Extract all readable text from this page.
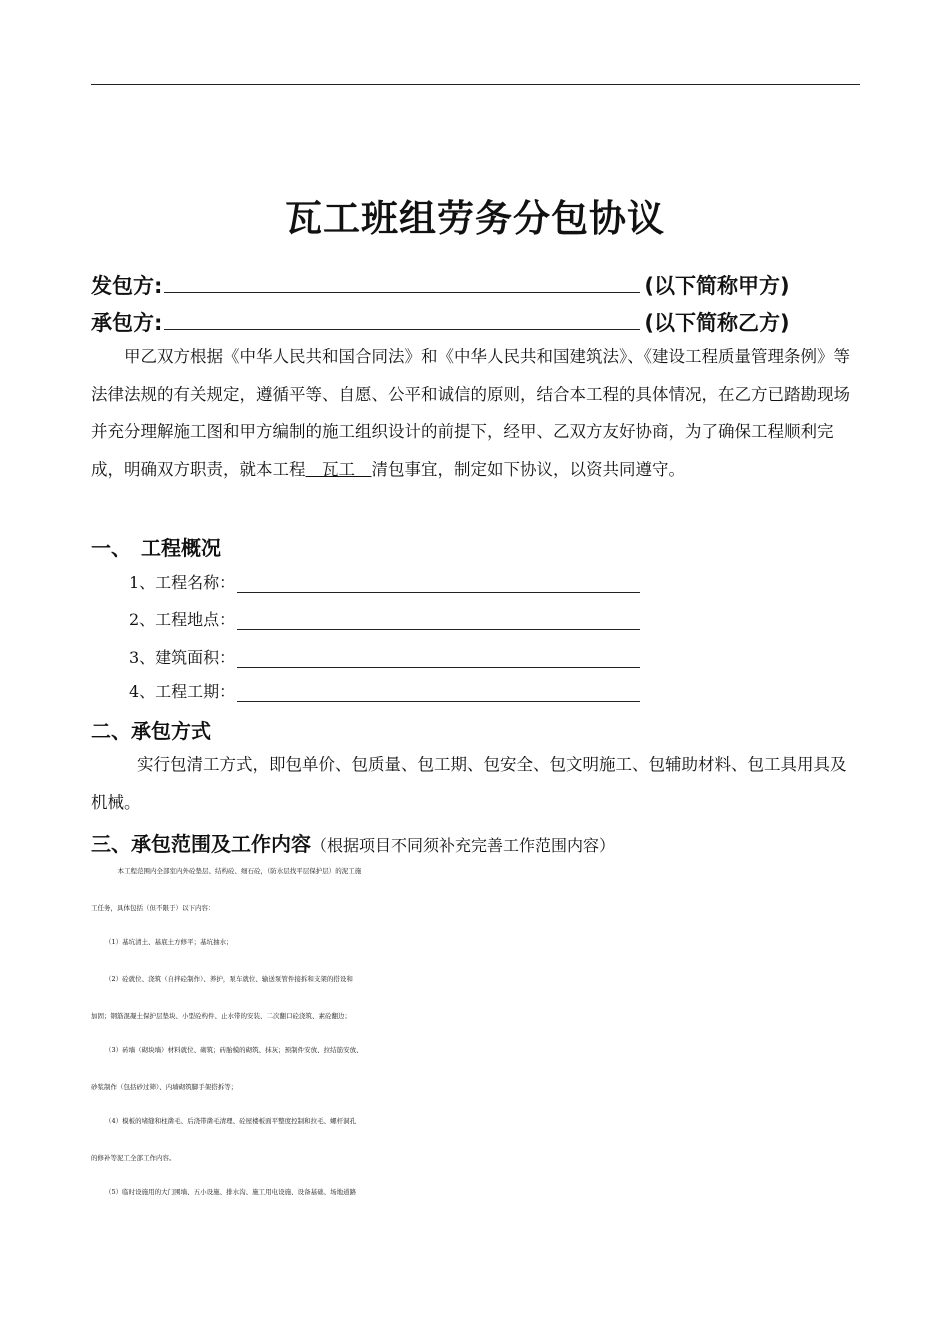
瓦工班组劳务分包协议
发包方:	(以下简称甲方)
承包方:	(以下简称乙方)
甲乙双方根据《中华人民共和国合同法》和《中华人民共和国建筑法》、《建设工程质量管理条例》等法律法规的有关规定，遵循平等、自愿、公平和诚信的原则，结合本工程的具体情况，在乙方已踏勘现场并充分理解施工图和甲方编制的施工组织设计的前提下，经甲、乙双方友好协商，为了确保工程顺利完成，明确双方职责，就本工程　瓦工　清包事宜，制定如下协议，以资共同遵守。
一、　工程概况
1、工程名称：
2、工程地点：
3、建筑面积：
4、工程工期：
二、承包方式
实行包清工方式，即包单价、包质量、包工期、包安全、包文明施工、包辅助材料、包工具用具及机械。
三、承包范围及工作内容（根据项目不同须补充完善工作范围内容）
　本工程范围内全部室内外砼垫层、结构砼、细石砼，（防水层找平层保护层）的泥工施
工任务，具体包括（但不限于）以下内容：
（1）基坑清土、基底土方修平；基坑抽水；
（2）砼就位、浇筑（自拌砼制作）、养护，泵车就位、输送泵管件接拆和支架的搭设和
加固；钢筋混凝土保护层垫块、小型砼构件、止水带的安装、二次翻口砼浇筑、素砼翻边；
（3）砖墙（砌块墙）材料就位、砌筑；砖胎模的砌筑、抹灰；预制件安放、拉结筋安放、
砂浆制作（包括砂过筛）、内墙砌筑脚手架搭拆等；
（4）模板的堵缝和柱凿毛、后浇带凿毛清理、砼屋楼板面平整度控制和拉毛、螺杆洞孔
的修补等泥工全部工作内容。
（5）临时设施用的大门围墙、五小设施、排水沟、施工用电设施、设备基础、场地道路
